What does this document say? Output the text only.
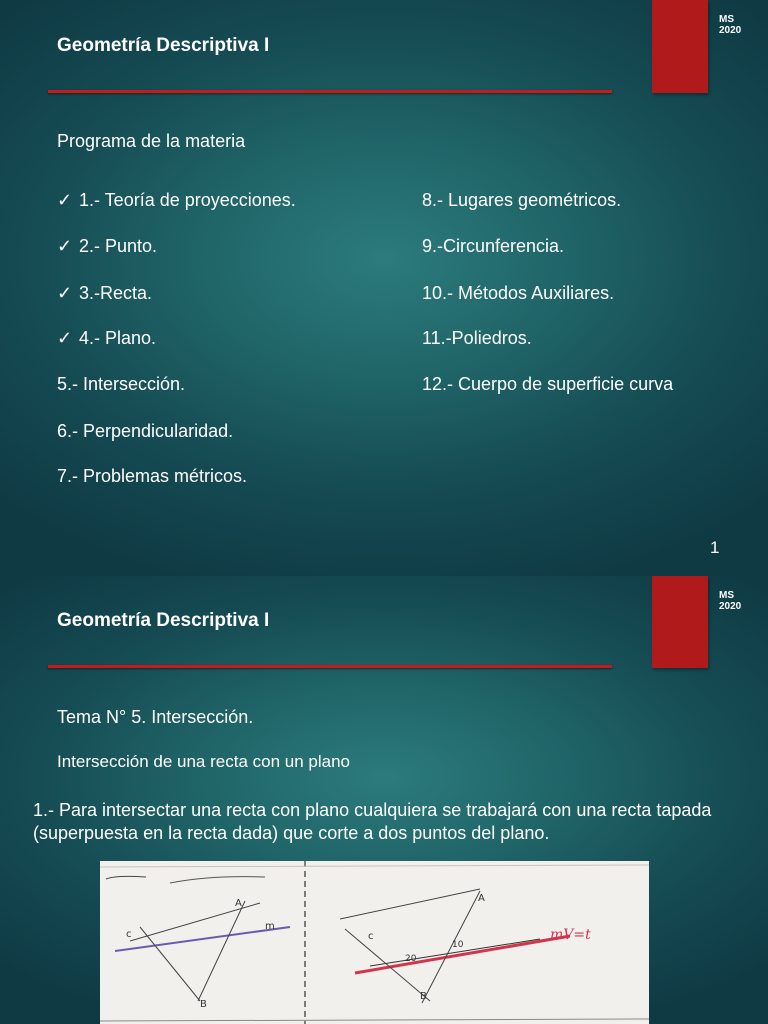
MS
2020
Geometría Descriptiva I
Programa de la materia
✓ 1.- Teoría de proyecciones.
✓ 2.- Punto.
✓ 3.-Recta.
✓ 4.- Plano.
5.- Intersección.
6.- Perpendicularidad.
7.- Problemas métricos.
8.- Lugares geométricos.
9.-Circunferencia.
10.- Métodos Auxiliares.
11.-Poliedros.
12.- Cuerpo de superficie curva
1
MS
2020
Geometría Descriptiva I
Tema N° 5. Intersección.
Intersección de una recta con un plano
1.- Para intersectar una recta con plano cualquiera se trabajará con una recta tapada (superpuesta en la recta dada) que corte a dos puntos del plano.
c
B
A
m
c
A
B
20
10
mV=t
